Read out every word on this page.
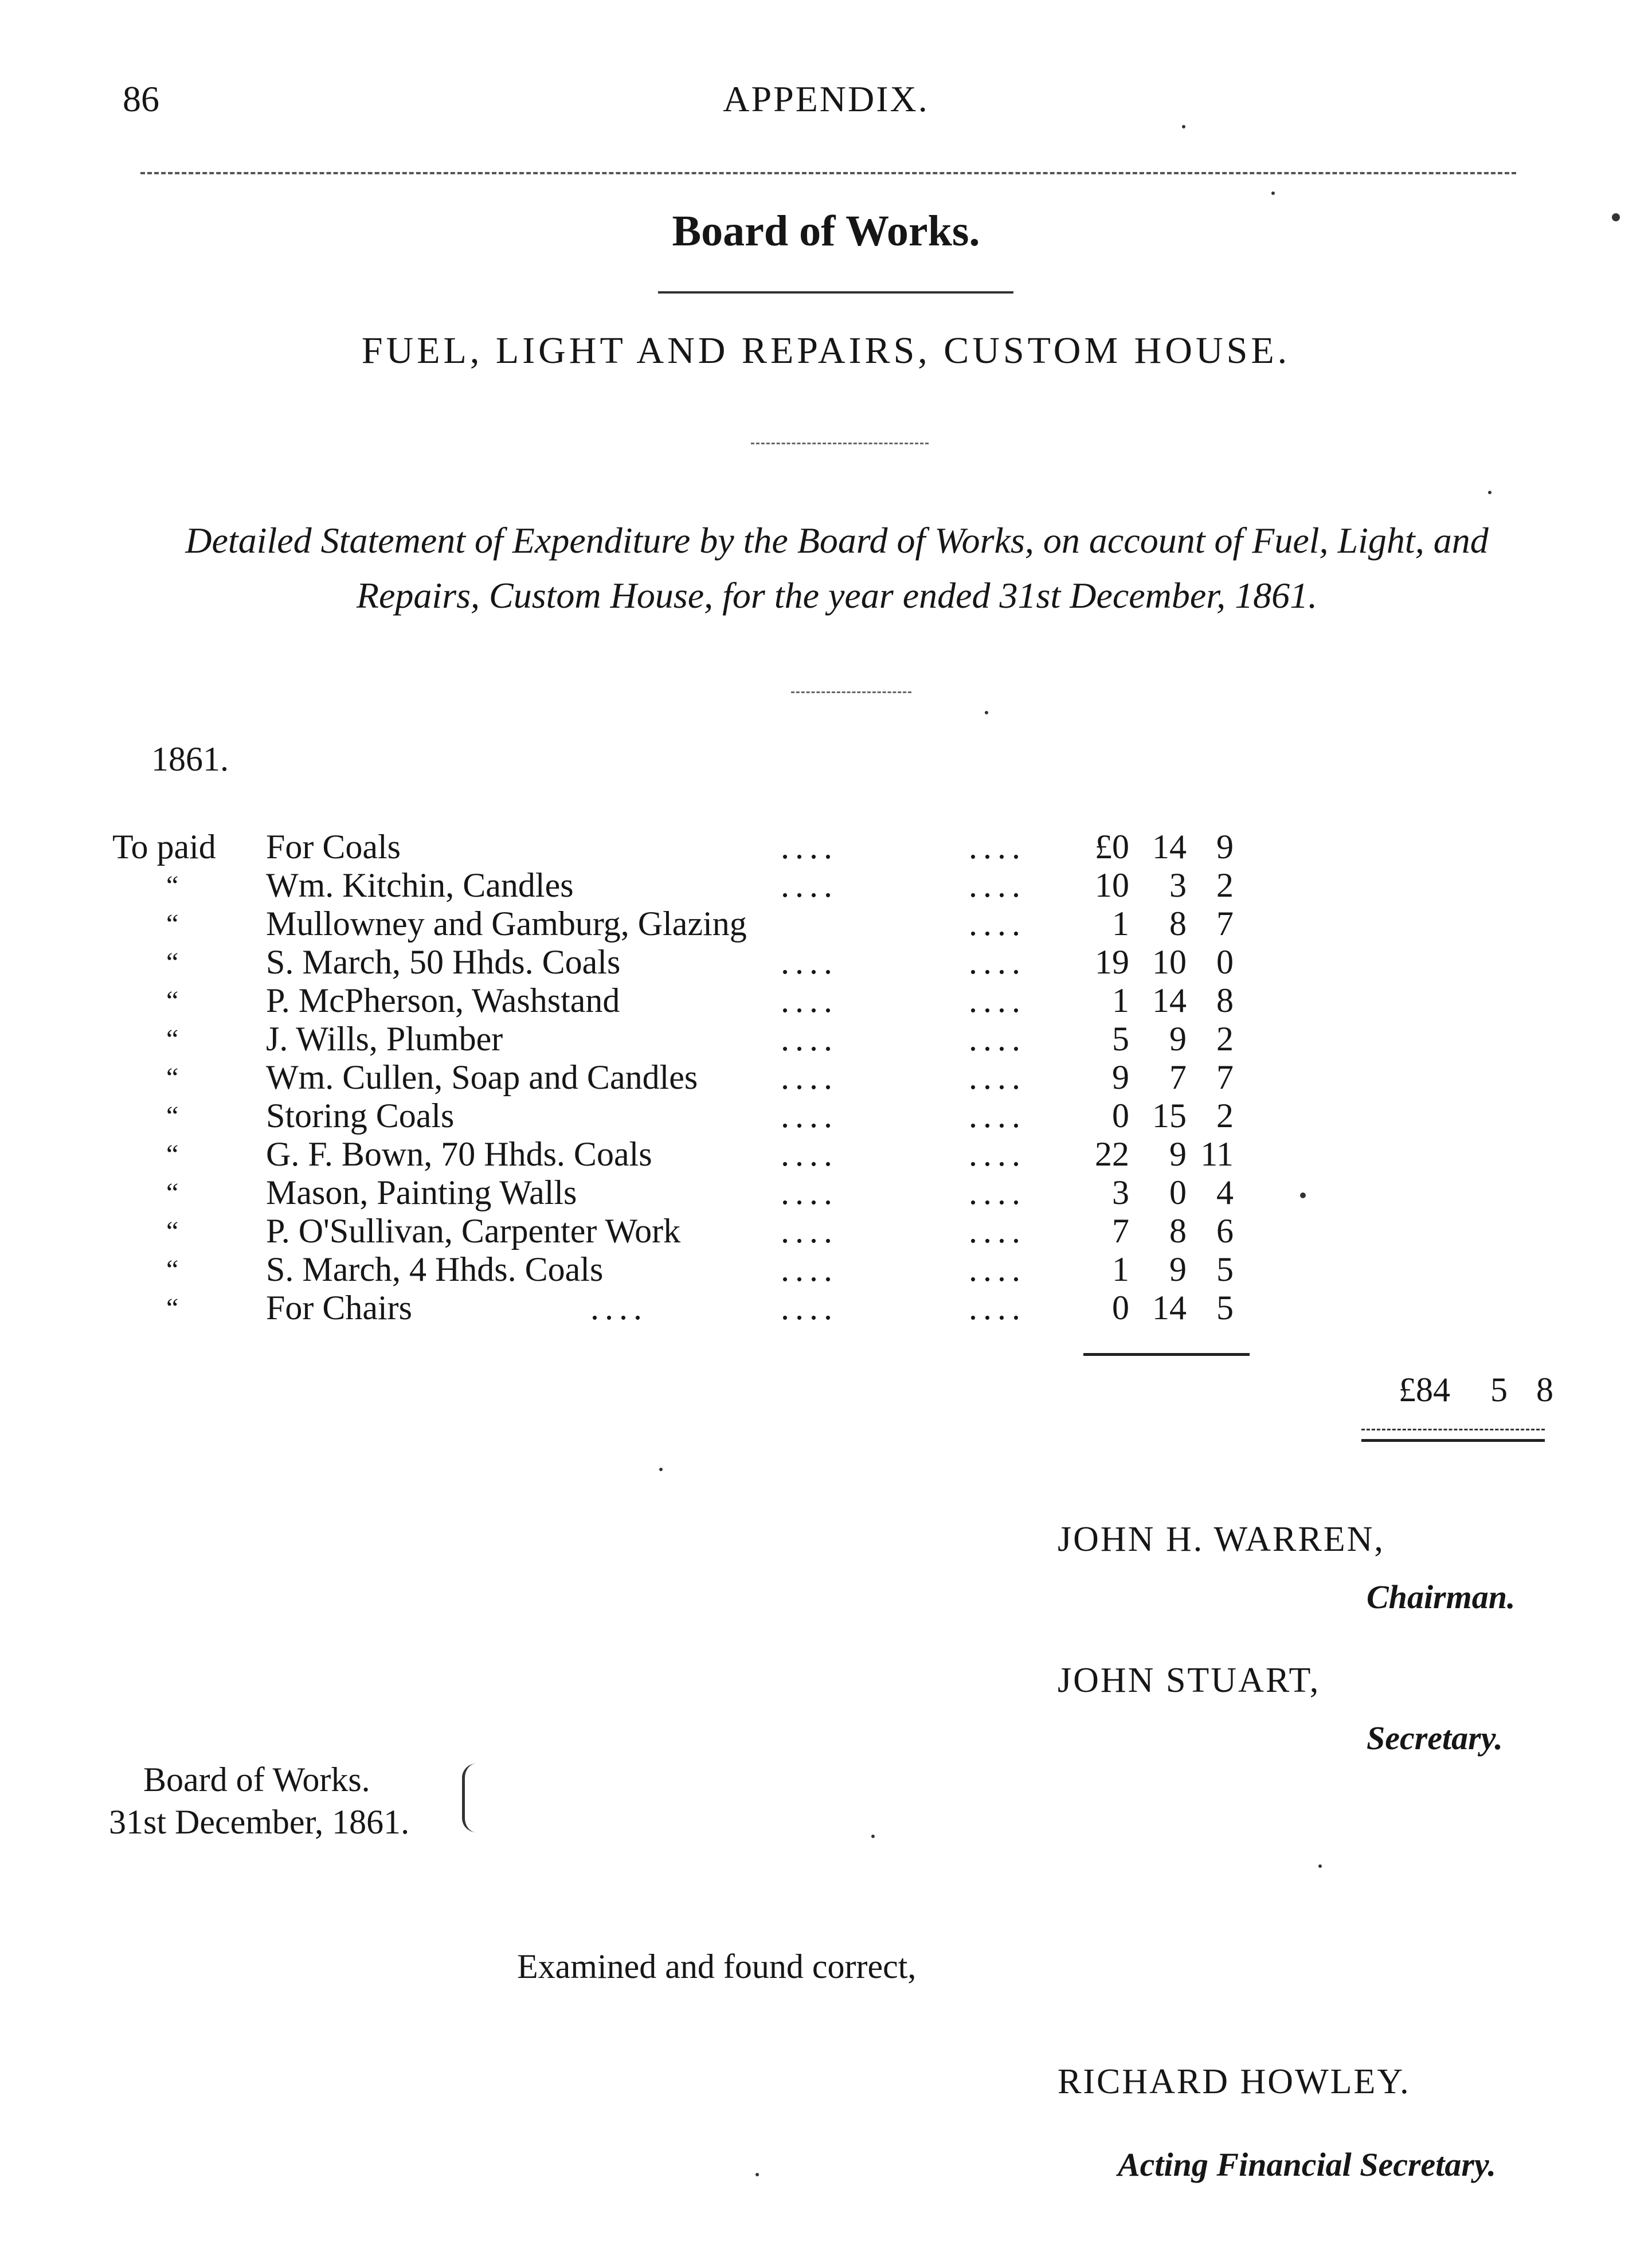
86	APPENDIX.
Board of Works.
FUEL, LIGHT AND REPAIRS, CUSTOM HOUSE.
Detailed Statement of Expenditure by the Board of Works, on account of Fuel, Light, and
Repairs, Custom House, for the year ended 31st December, 1861.
1861.
To paid	For Coals	....	....	£0 14 9
“	Wm. Kitchin, Candles	....	....	10	3 2
“	Mullowney and Gamburg, Glazing	....	1	8 7
“	S. March, 50 Hhds. Coals	....	....	19 10 0
“	P. McPherson, Washstand	....	....	1 14 8
“	J. Wills, Plumber	....	....	5	9 2
“	Wm. Cullen, Soap and Candles ....	....	9	7 7
“	Storing Coals	....	....	0 15 2
“	G. F. Bown, 70 Hhds. Coals	....	....	22	9 11
“	Mason, Painting Walls	....	....	3	0 4
“	P. O'Sullivan, Carpenter Work	....	....	7	8 6
“	S. March, 4 Hhds. Coals	....	....	1	9 5
“	For Chairs	....	....	....	0 14 5
£84	5 8
JOHN H. WARREN,
Chairman.
JOHN STUART,
Secretary.
Board of Works.
31st December, 1861.
Examined and found correct,
RICHARD HOWLEY.
Acting Financial Secretary.
